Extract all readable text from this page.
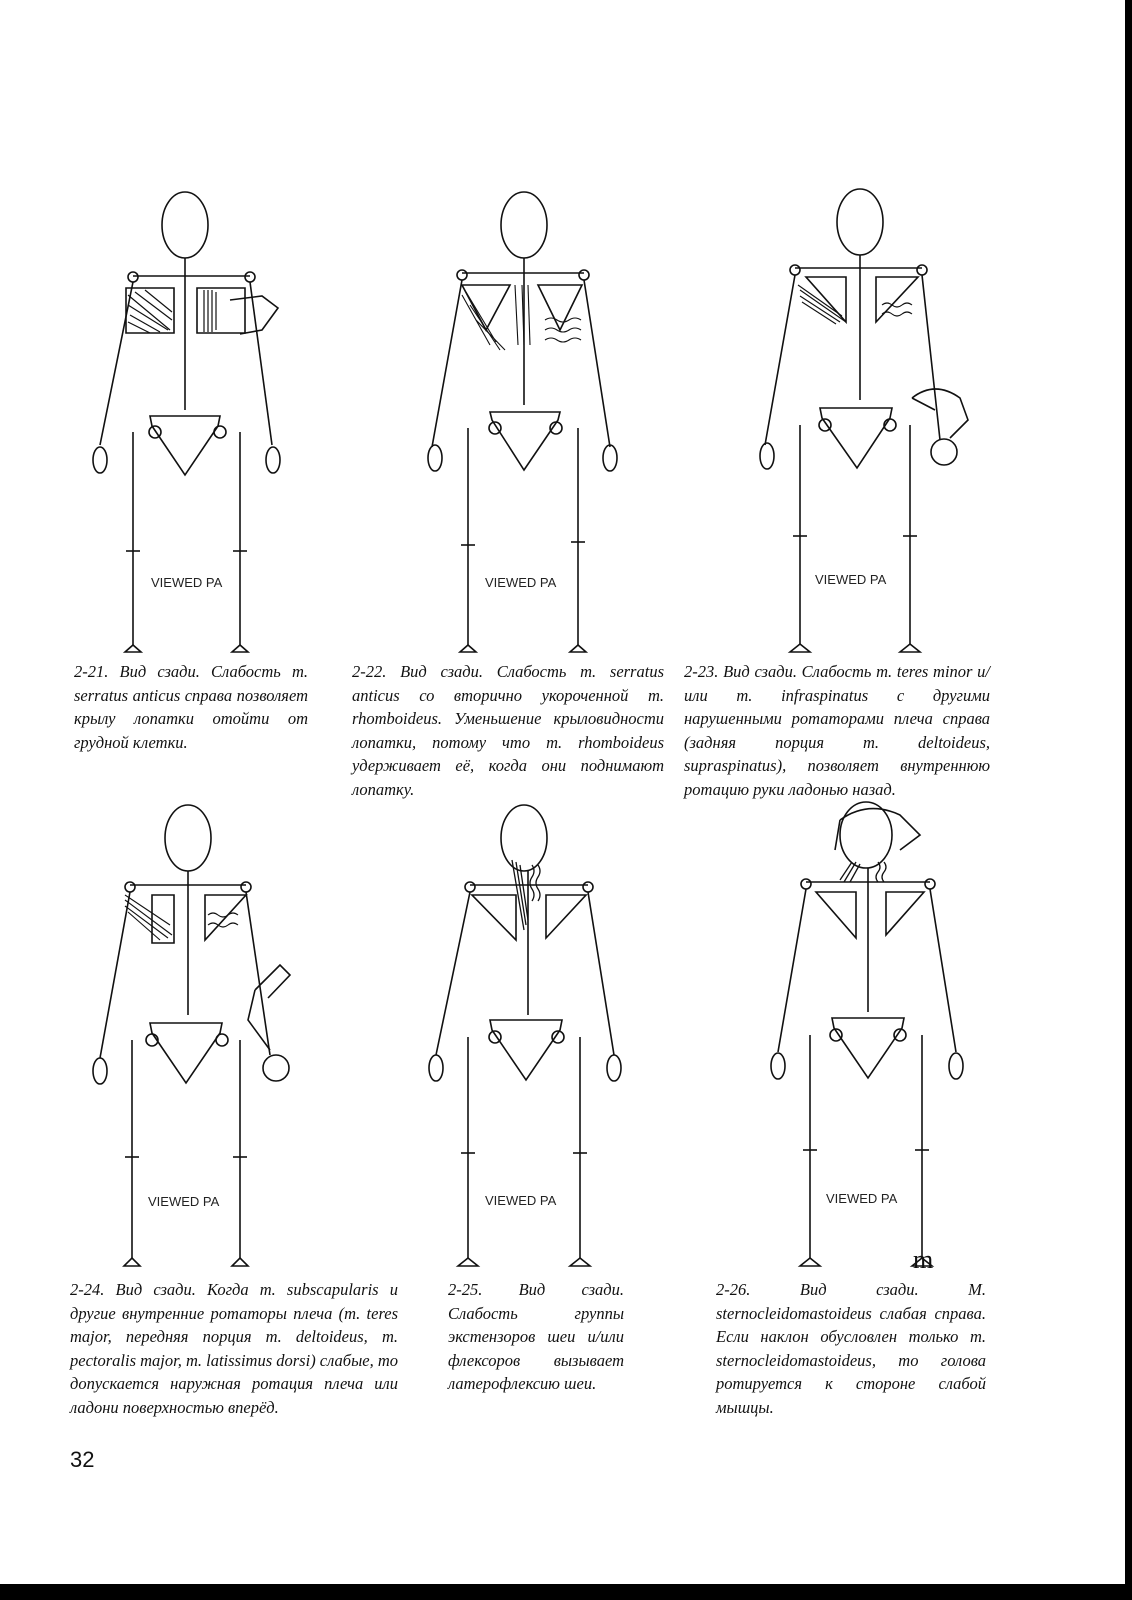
VIEWED PA	VIEWED PA	VIEWED PA
VIEWED PA	VIEWED PA	VIEWED PA

2-21. Вид сзади. Слабость m. serratus anticus справа позволяет крылу лопатки отойти от грудной клетки.

2-22. Вид сзади. Слабость m. serratus anticus со вторично укороченной m. rhomboideus. Уменьшение крыловидности лопатки, потому что m. rhomboideus удерживает её, когда они поднимают лопатку.

2-23. Вид сзади. Слабость m. teres minor и/или m. infraspinatus с другими нарушенными ротаторами плеча справа (задняя порция m. deltoideus, supraspinatus), позволяет внутреннюю ротацию руки ладонью назад.

2-24. Вид сзади. Когда m. subscapularis и другие внутренние ротаторы плеча (m. teres major, передняя порция m. deltoideus, m. pectoralis major, m. latissimus dorsi) слабые, то допускается наружная ротация плеча или ладони поверхностью вперёд.

2-25. Вид сзади. Слабость группы экстензоров шеи и/или флексоров вызывает латерофлексию шеи.

2-26. Вид сзади. M. sternocleidomastoideus слабая справа. Если наклон обусловлен только m. sternocleidomastoideus, то голова ротируется к стороне слабой мышцы.

m
32
